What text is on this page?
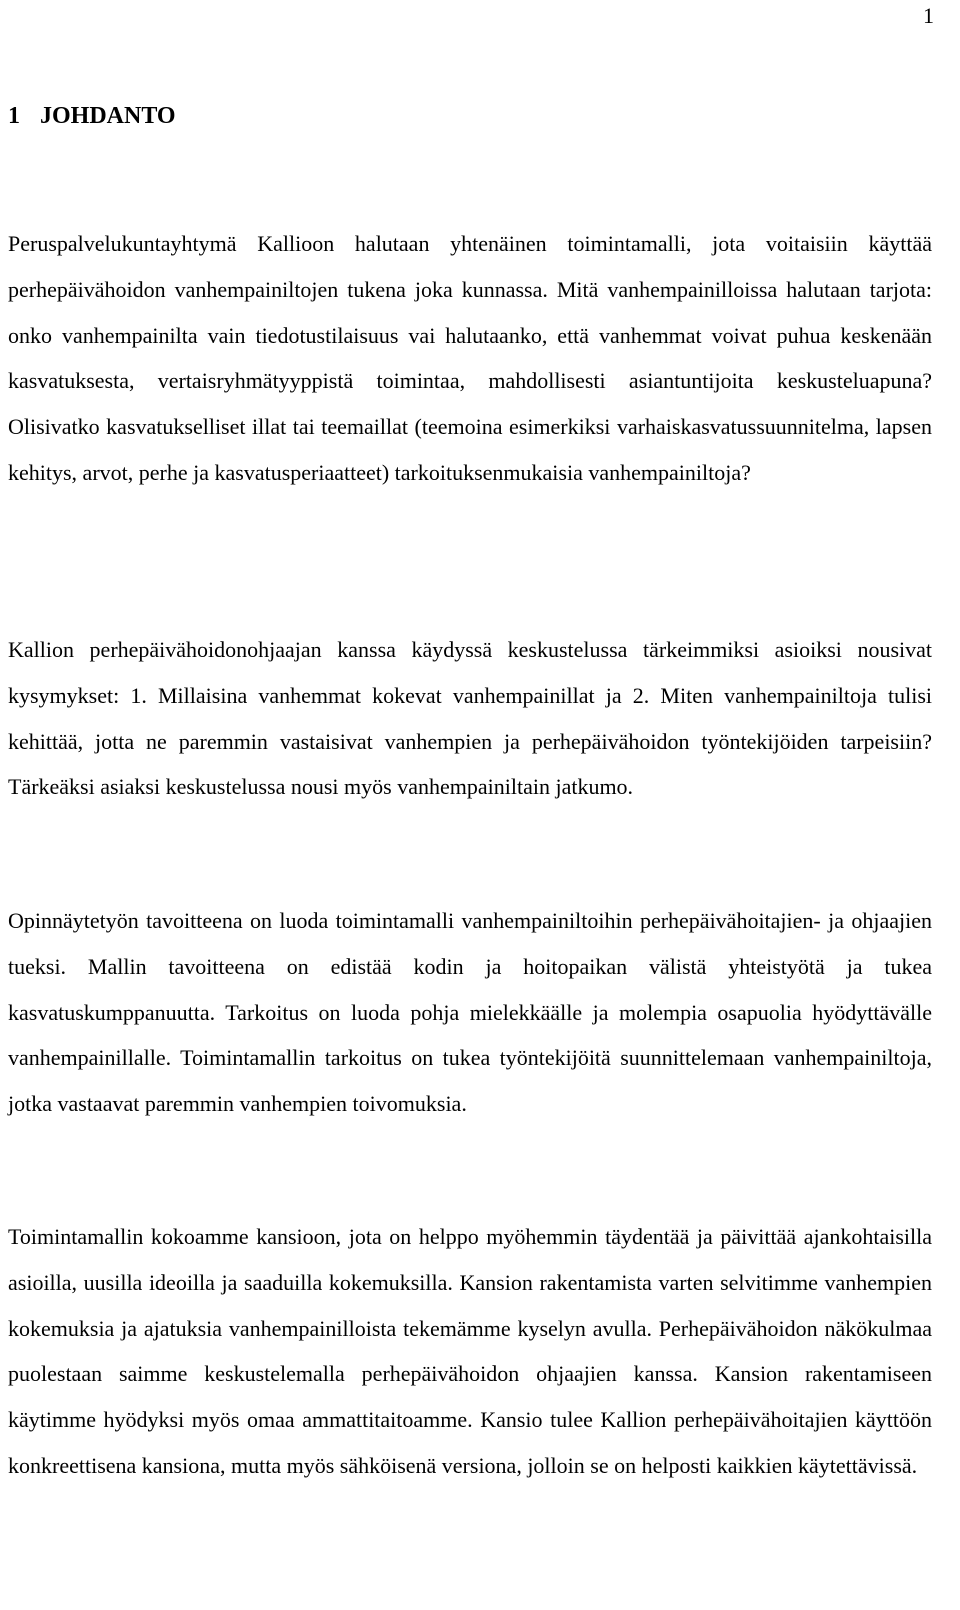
1
1 JOHDANTO

Peruspalvelukuntayhtymä Kallioon halutaan yhtenäinen toimintamalli, jota voitaisiin käyttää perhepäivähoidon vanhempainiltojen tukena joka kunnassa. Mitä vanhempainilloissa halutaan tarjota: onko vanhempainilta vain tiedotustilaisuus vai halutaanko, että vanhemmat voivat puhua keskenään kasvatuksesta, vertaisryhmätyyppistä toimintaa, mahdollisesti asiantuntijoita keskusteluapuna? Olisivatko kasvatukselliset illat tai teemaillat (teemoina esimerkiksi varhaiskasvatussuunnitelma, lapsen kehitys, arvot, perhe ja kasvatusperiaatteet) tarkoituksenmukaisia vanhempainiltoja?

Kallion perhepäivähoidonohjaajan kanssa käydyssä keskustelussa tärkeimmiksi asioiksi nousivat kysymykset: 1. Millaisina vanhemmat kokevat vanhempainillat ja 2. Miten vanhempainiltoja tulisi kehittää, jotta ne paremmin vastaisivat vanhempien ja perhepäivähoidon työntekijöiden tarpeisiin? Tärkeäksi asiaksi keskustelussa nousi myös vanhempainiltain jatkumo.

Opinnäytetyön tavoitteena on luoda toimintamalli vanhempainiltoihin perhepäivähoitajien- ja ohjaajien tueksi. Mallin tavoitteena on edistää kodin ja hoitopaikan välistä yhteistyötä ja tukea kasvatuskumppanuutta. Tarkoitus on luoda pohja mielekkäälle ja molempia osapuolia hyödyttävälle vanhempainillalle. Toimintamallin tarkoitus on tukea työntekijöitä suunnittelemaan vanhempainiltoja, jotka vastaavat paremmin vanhempien toivomuksia.

Toimintamallin kokoamme kansioon, jota on helppo myöhemmin täydentää ja päivittää ajankohtaisilla asioilla, uusilla ideoilla ja saaduilla kokemuksilla. Kansion rakentamista varten selvitimme vanhempien kokemuksia ja ajatuksia vanhempainilloista tekemämme kyselyn avulla. Perhepäivähoidon näkökulmaa puolestaan saimme keskustelemalla perhepäivähoidon ohjaajien kanssa. Kansion rakentamiseen käytimme hyödyksi myös omaa ammattitaitoamme. Kansio tulee Kallion perhepäivähoitajien käyttöön konkreettisena kansiona, mutta myös sähköisenä versiona, jolloin se on helposti kaikkien käytettävissä.
